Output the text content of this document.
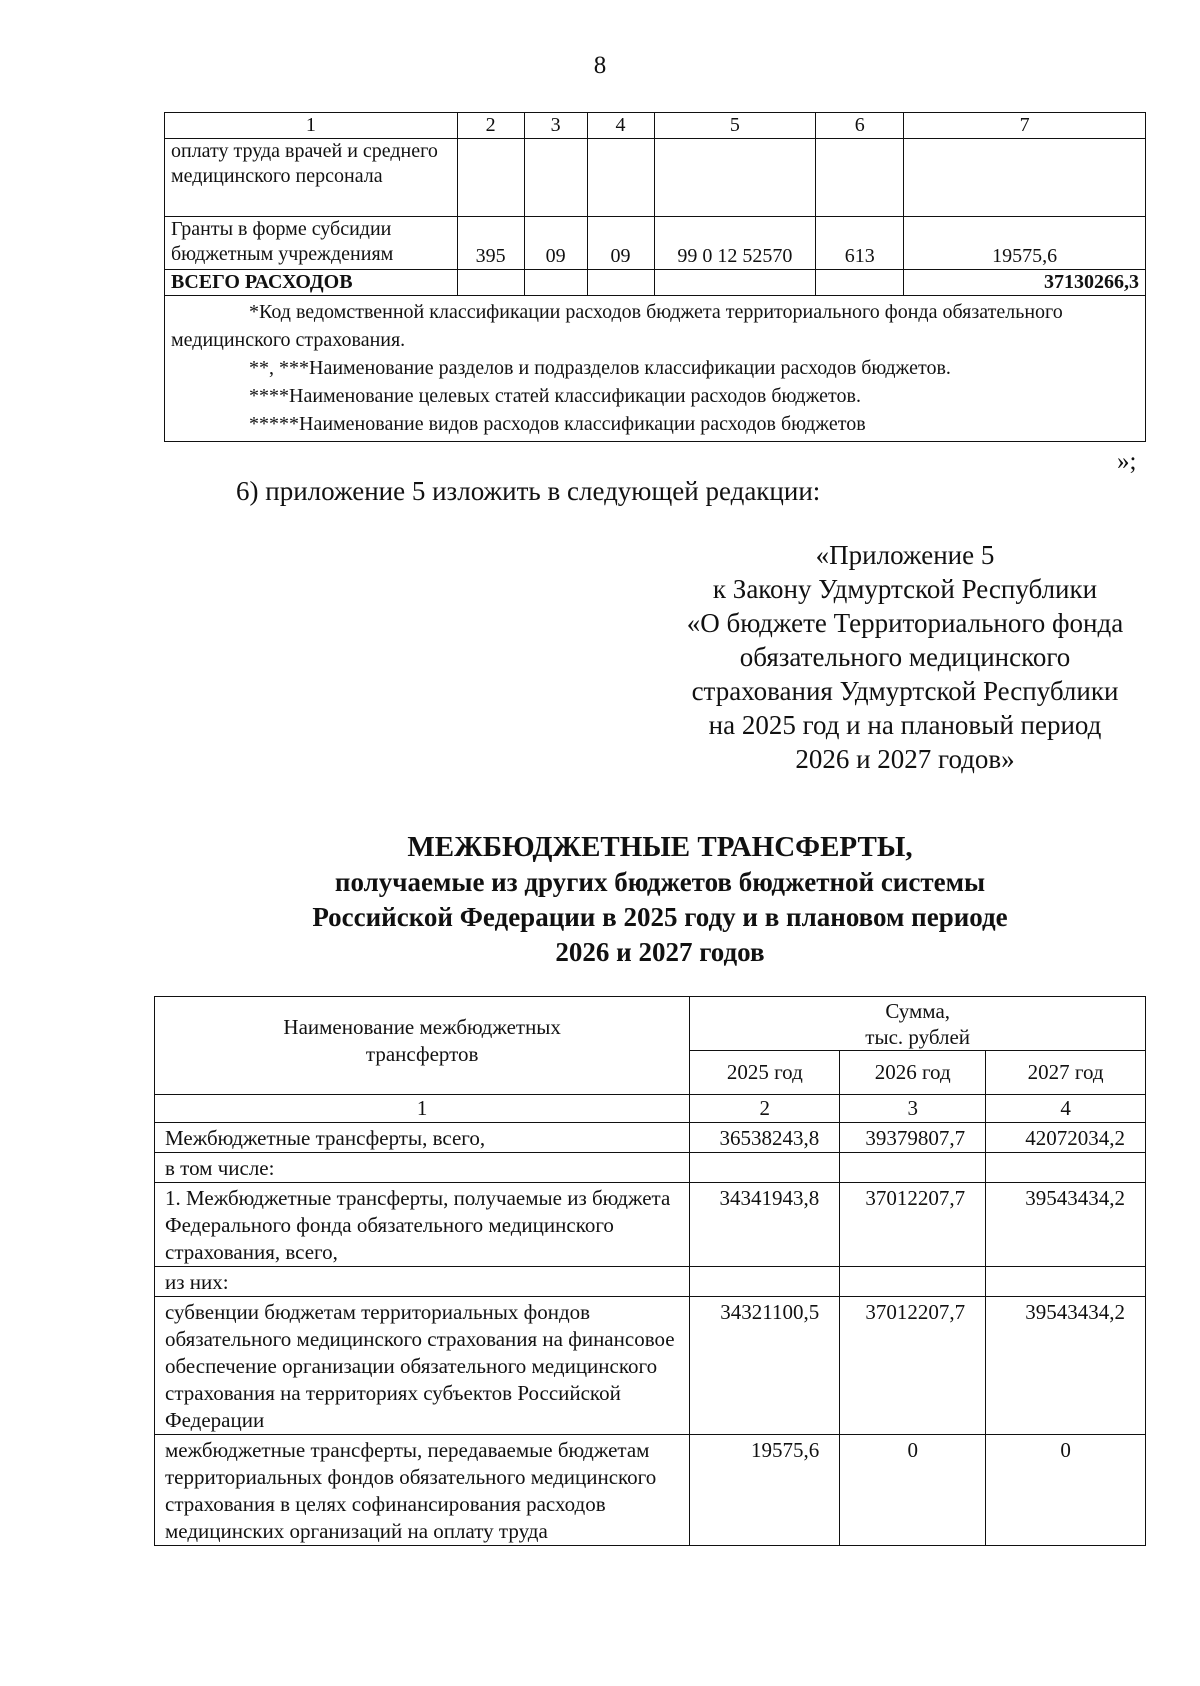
8
1	2	3	4	5	6	7
оплату труда врачей и среднего медицинского персонала						
Гранты в форме субсидии бюджетным учреждениям	395	09	09	99 0 12 52570	613	19575,6
ВСЕГО РАСХОДОВ						37130266,3

*Код ведомственной классификации расходов бюджета территориального фонда обязательного медицинского страхования.
**, ***Наименование разделов и подразделов классификации расходов бюджетов.
****Наименование целевых статей классификации расходов бюджетов.
*****Наименование видов расходов классификации расходов бюджетов						
»;
6) приложение 5 изложить в следующей редакции:
«Приложение 5
к Закону Удмуртской Республики
«О бюджете Территориального фонда
обязательного медицинского
страхования Удмуртской Республики
на 2025 год и на плановый период
2026 и 2027 годов»
МЕЖБЮДЖЕТНЫЕ ТРАНСФЕРТЫ,
получаемые из других бюджетов бюджетной системы
Российской Федерации в 2025 году и в плановом периоде
2026 и 2027 годов
Наименование межбюджетных трансфертов	Сумма,
тыс. рублей		

	2025 год	2026 год	2027 год
1	2	3	4
Межбюджетные трансферты, всего,	36538243,8	39379807,7	42072034,2
в том числе:			
1. Межбюджетные трансферты, получаемые из бюджета Федерального фонда обязательного медицинского страхования, всего,	34341943,8	37012207,7	39543434,2
из них:			
субвенции бюджетам территориальных фондов обязательного медицинского страхования на финансовое обеспечение организации обязательного медицинского страхования на территориях субъектов Российской Федерации	34321100,5	37012207,7	39543434,2
межбюджетные трансферты, передаваемые бюджетам территориальных фондов обязательного медицинского страхования в целях софинансирования расходов медицинских организаций на оплату труда	19575,6	0	0
